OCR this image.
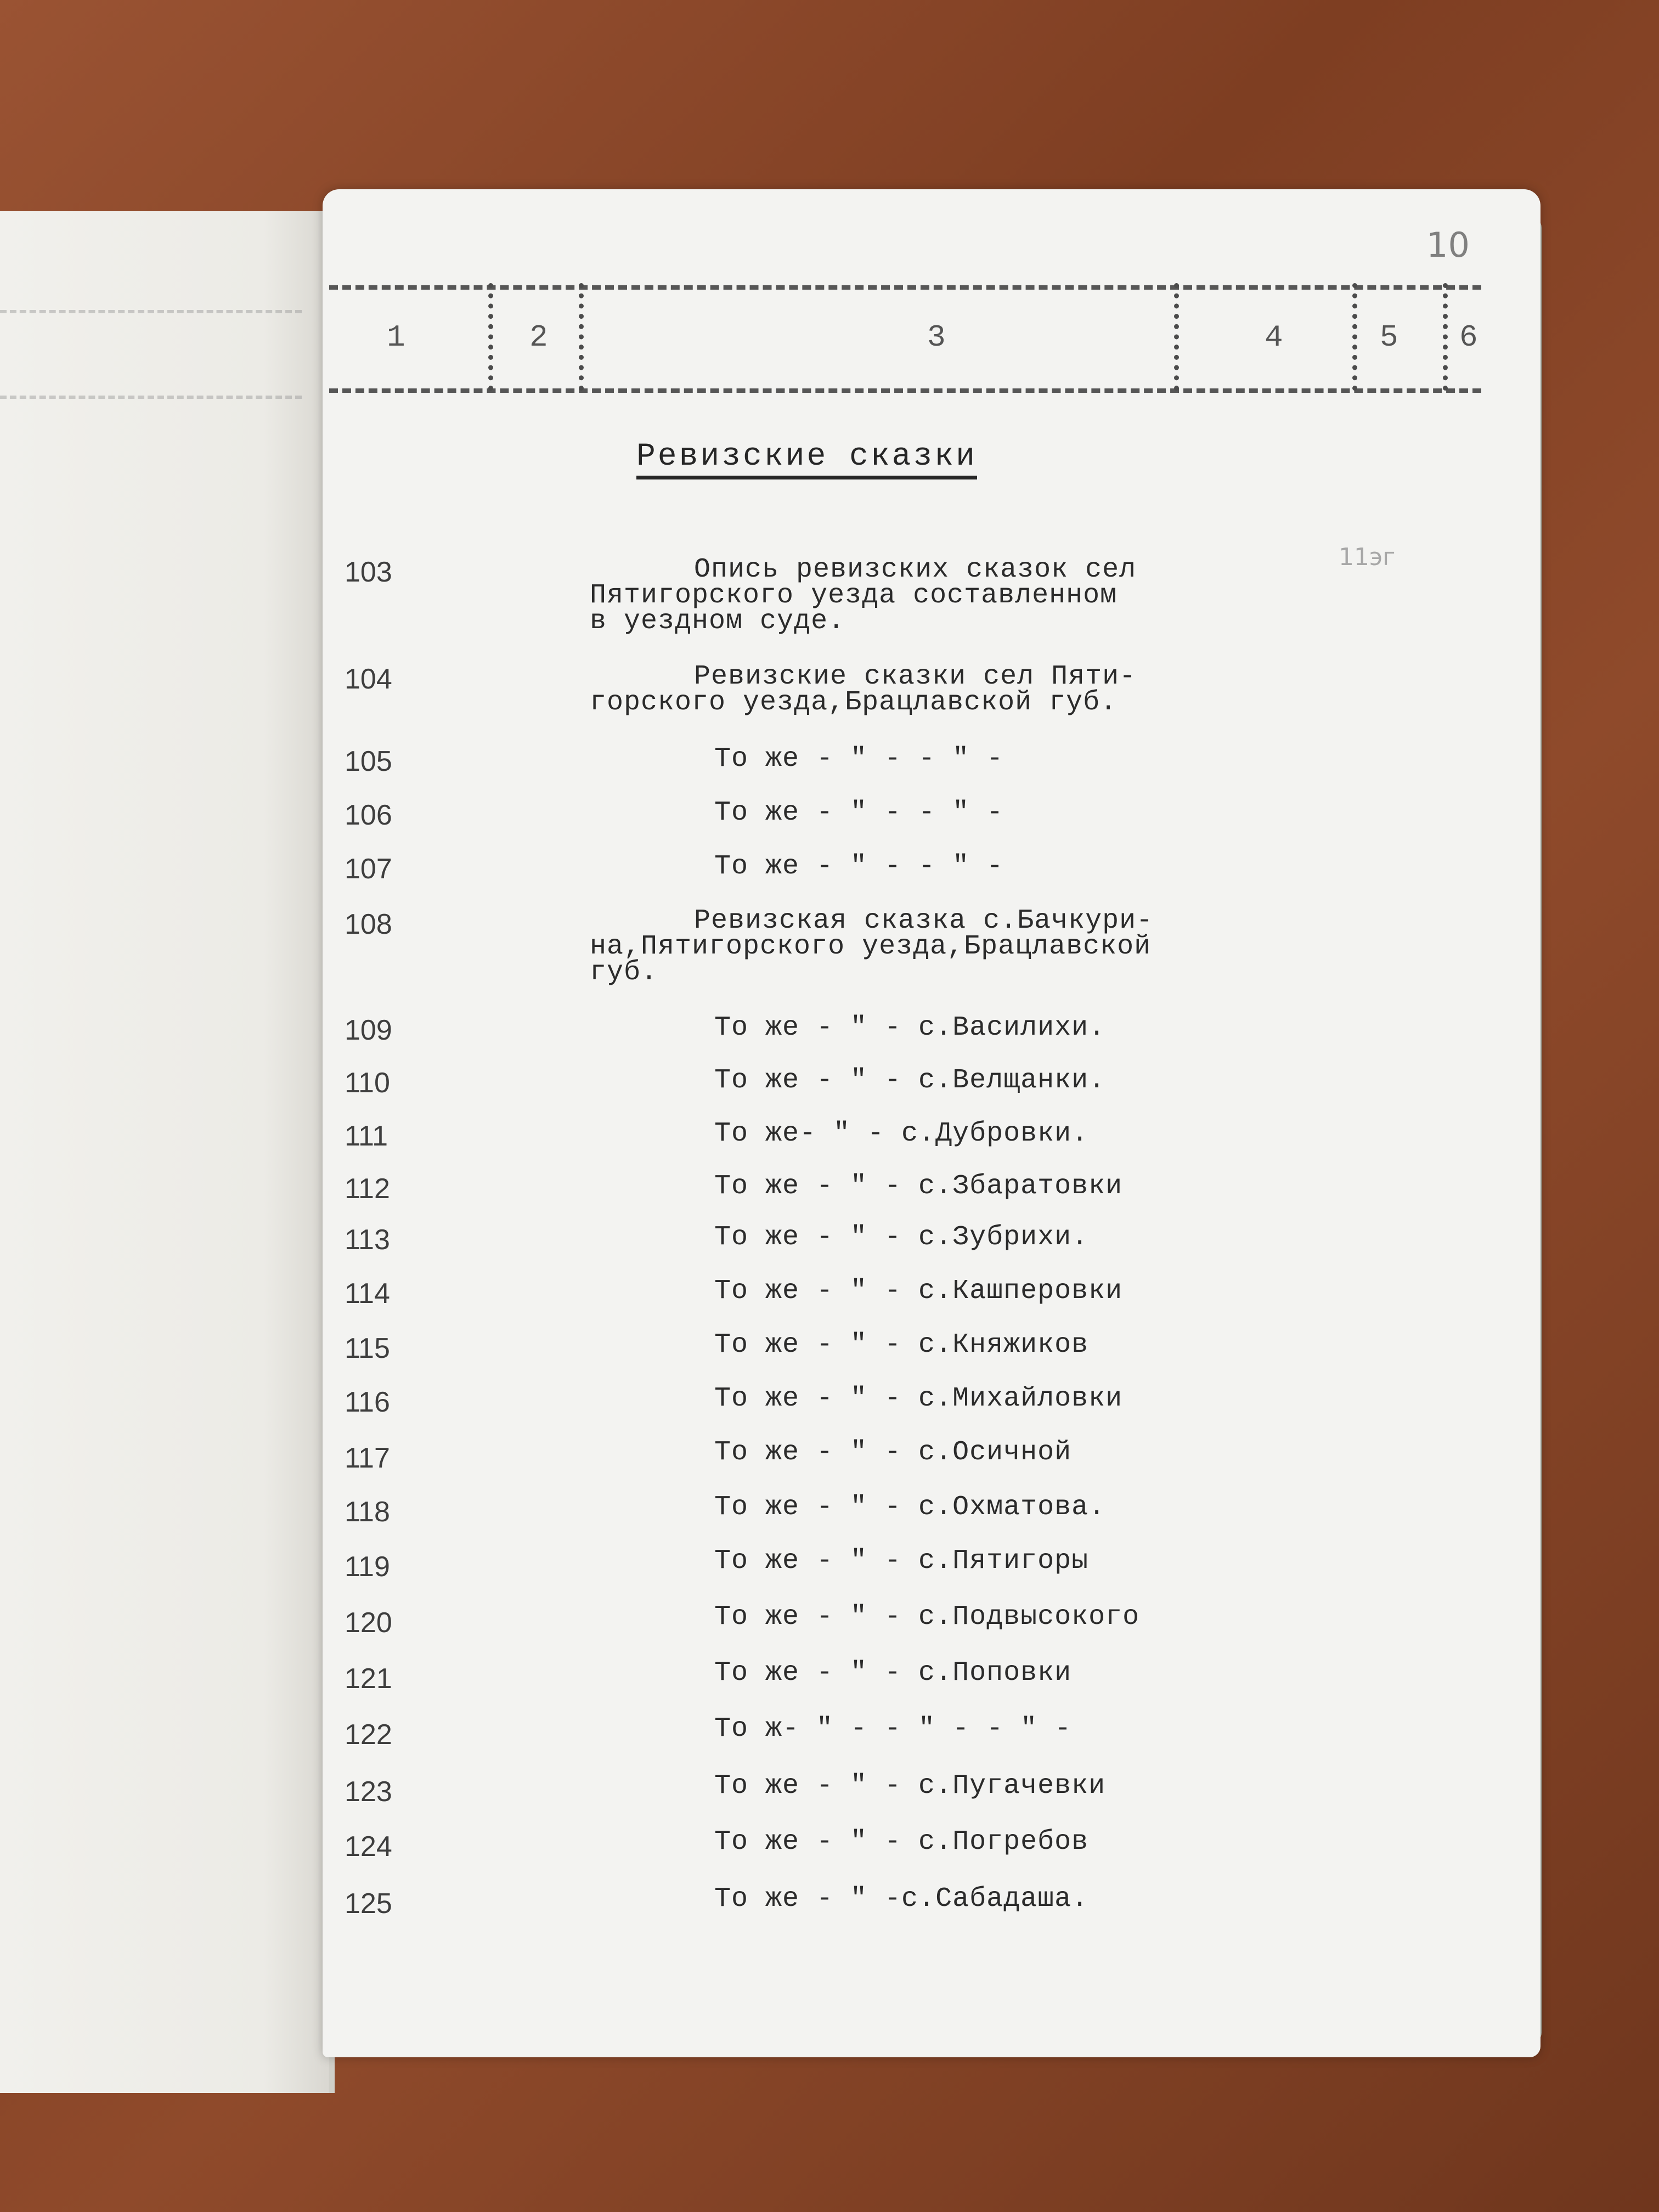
10
11эг
1	2	3	4	5 6
Ревизские сказки
103	Опись ревизских сказок сел
Пятигорского уезда составленном
в уездном суде.
104	Ревизские сказки сел Пяти-
горского уезда,Брацлавской губ.
105	То же - " - - " -
106	То же - " - - " -
107	То же - " - - " -
108	Ревизская сказка с.Бачкури-
на,Пятигорского уезда,Брацлавской
губ.
109	То же - " - с.Василихи.
110	То же - " - с.Велщанки.
111	То же- " - с.Дубровки.
112	То же - " - с.Збаратовки
113	То же - " - с.Зубрихи.
114	То же - " - с.Кашперовки
115	То же - " - с.Княжиков
116	То же - " - с.Михайловки
117	То же - " - с.Осичной
118	То же - " - с.Охматова.
119	То же - " - с.Пятигоры
120	То же - " - с.Подвысокого
121	То же - " - с.Поповки
122	То ж- " - - " - - " -
123	То же - " - с.Пугачевки
124	То же - " - с.Погребов
125	То же - " -с.Сабадаша.
